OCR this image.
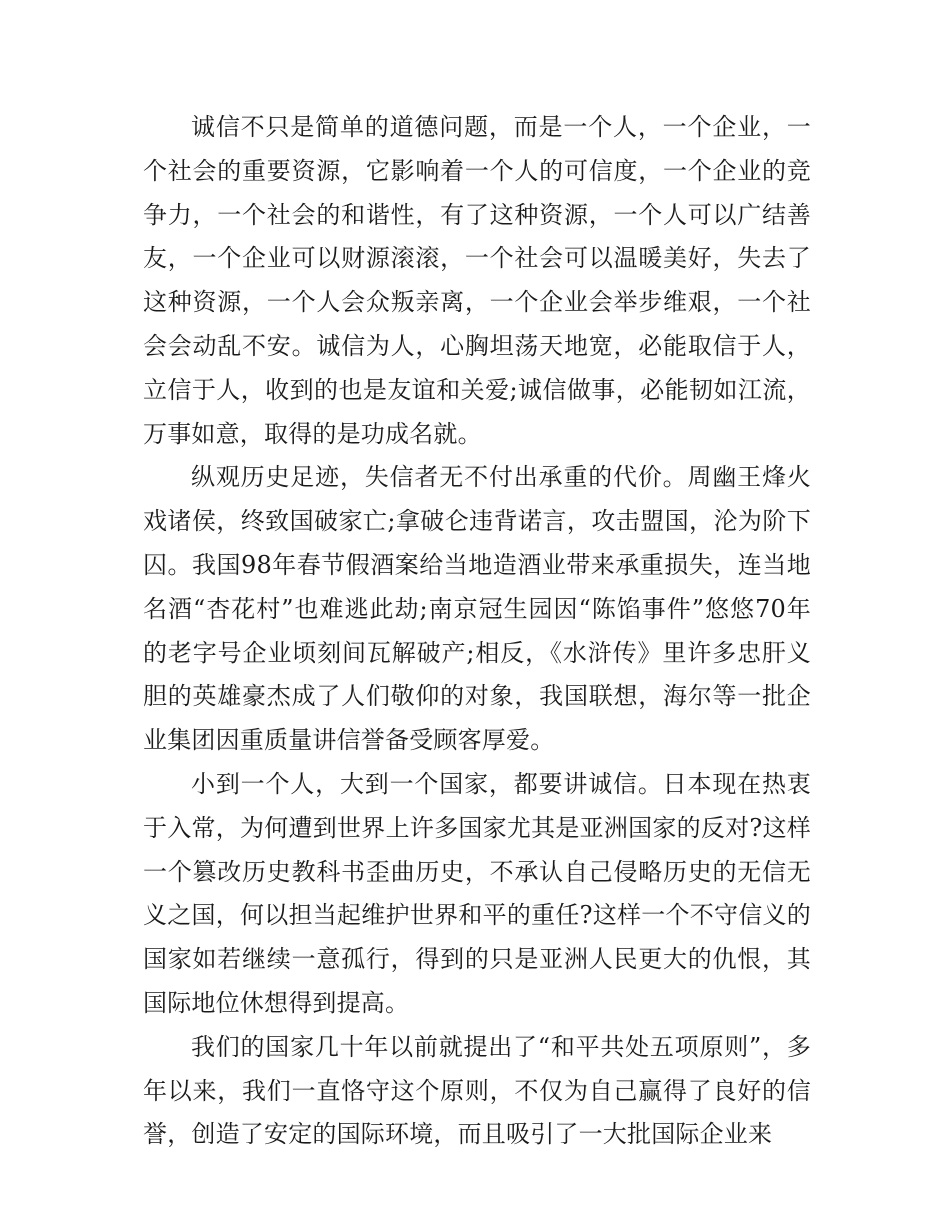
诚信不只是简单的道德问题，而是一个人，一个企业，一个社会的重要资源，它影响着一个人的可信度，一个企业的竞争力，一个社会的和谐性，有了这种资源，一个人可以广结善友，一个企业可以财源滚滚，一个社会可以温暖美好，失去了这种资源，一个人会众叛亲离，一个企业会举步维艰，一个社会会动乱不安。诚信为人，心胸坦荡天地宽，必能取信于人，立信于人，收到的也是友谊和关爱;诚信做事，必能韧如江流，万事如意，取得的是功成名就。

纵观历史足迹，失信者无不付出承重的代价。周幽王烽火戏诸侯，终致国破家亡;拿破仑违背诺言，攻击盟国，沦为阶下囚。我国98年春节假酒案给当地造酒业带来承重损失，连当地名酒“杏花村”也难逃此劫;南京冠生园因“陈馅事件”悠悠70年的老字号企业顷刻间瓦解破产;相反，《水浒传》里许多忠肝义胆的英雄豪杰成了人们敬仰的对象，我国联想，海尔等一批企业集团因重质量讲信誉备受顾客厚爱。

小到一个人，大到一个国家，都要讲诚信。日本现在热衷于入常，为何遭到世界上许多国家尤其是亚洲国家的反对?这样一个篡改历史教科书歪曲历史，不承认自己侵略历史的无信无义之国，何以担当起维护世界和平的重任?这样一个不守信义的国家如若继续一意孤行，得到的只是亚洲人民更大的仇恨，其国际地位休想得到提高。

我们的国家几十年以前就提出了“和平共处五项原则”，多年以来，我们一直恪守这个原则，不仅为自己赢得了良好的信誉，创造了安定的国际环境，而且吸引了一大批国际企业来
